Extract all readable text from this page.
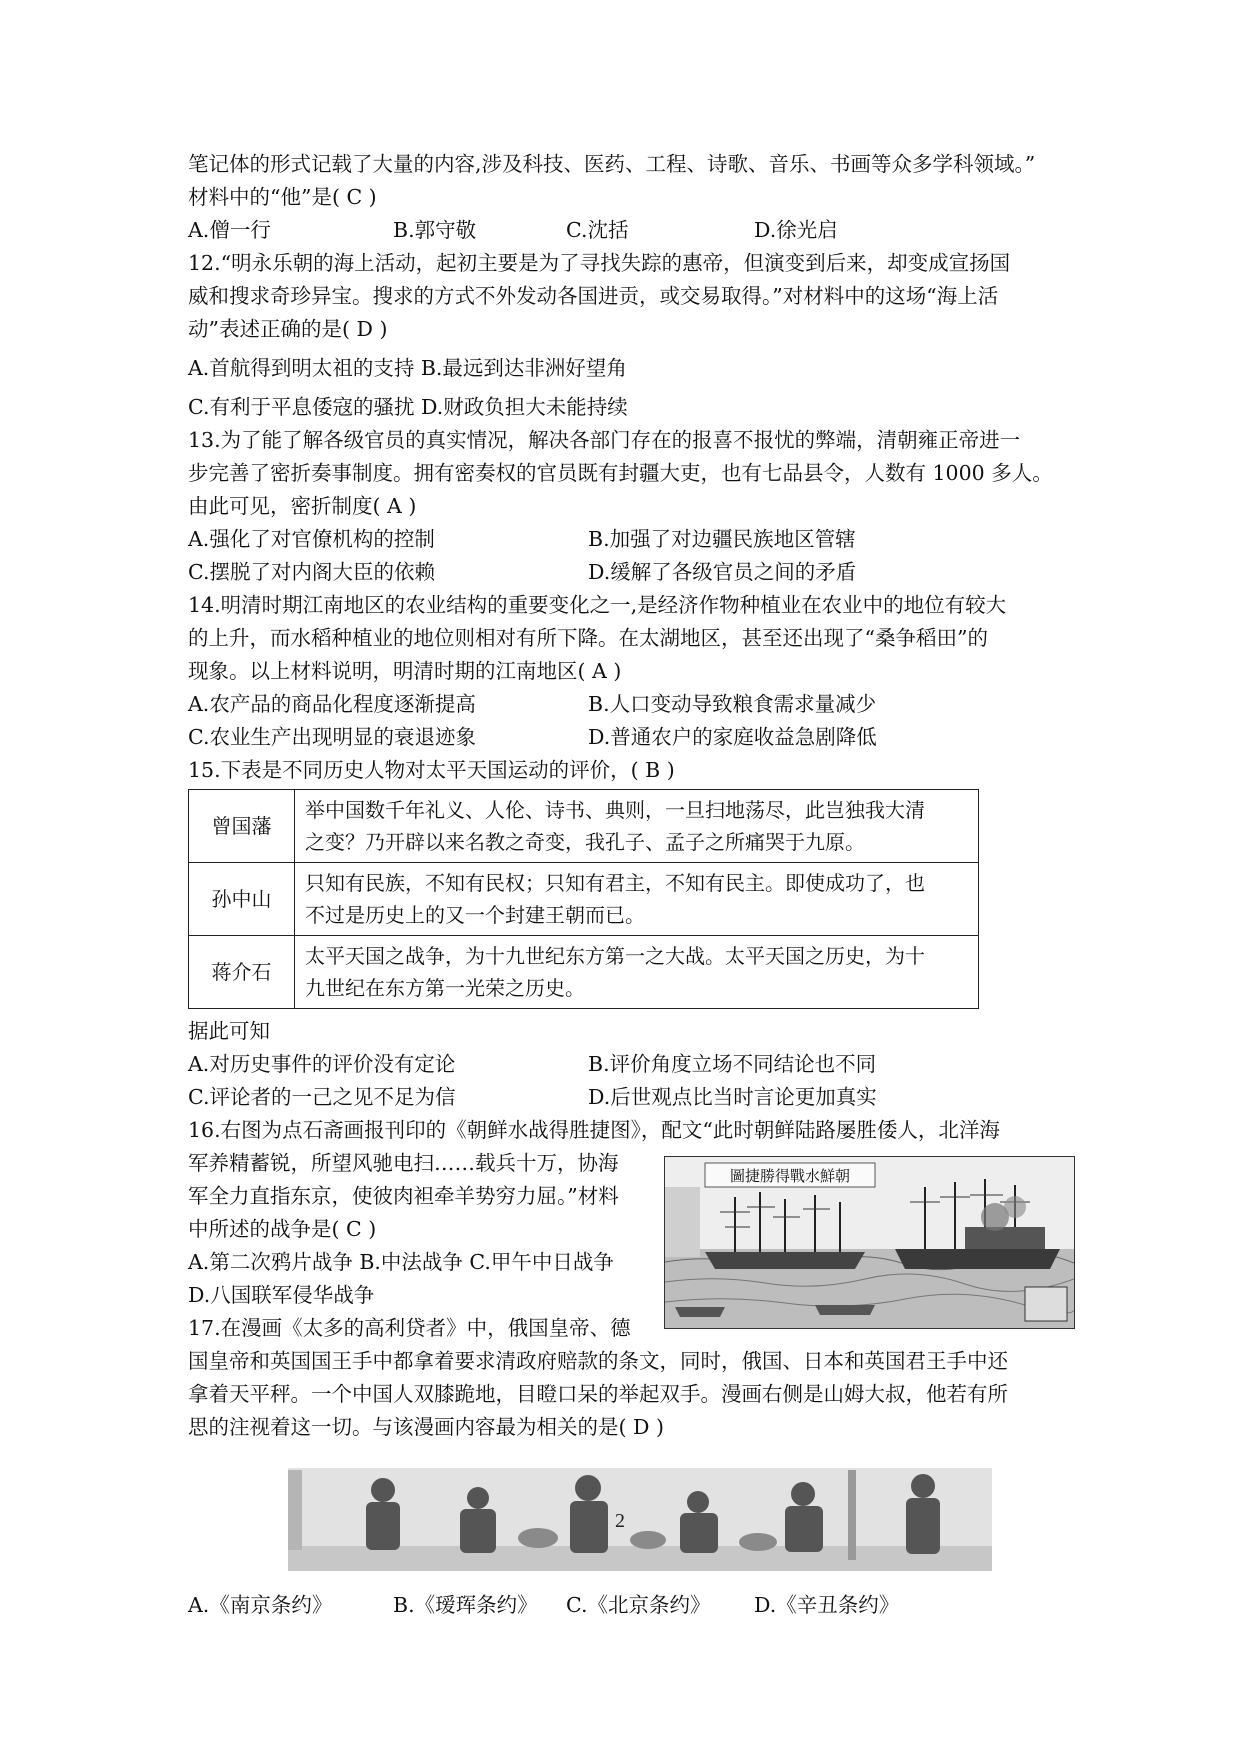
笔记体的形式记载了大量的内容,涉及科技、医药、工程、诗歌、音乐、书画等众多学科领域。”
材料中的“他”是( C )
A.僧一行	B.郭守敬	C.沈括	D.徐光启
12.“明永乐朝的海上活动，起初主要是为了寻找失踪的惠帝，但演变到后来，却变成宣扬国
威和搜求奇珍异宝。搜求的方式不外发动各国进贡，或交易取得。”对材料中的这场“海上活
动”表述正确的是( D )
A.首航得到明太祖的支持 B.最远到达非洲好望角
C.有利于平息倭寇的骚扰 D.财政负担大未能持续
13.为了能了解各级官员的真实情况，解决各部门存在的报喜不报忧的弊端，清朝雍正帝进一
步完善了密折奏事制度。拥有密奏权的官员既有封疆大吏，也有七品县令，人数有 1000 多人。
由此可见，密折制度( A )
A.强化了对官僚机构的控制	B.加强了对边疆民族地区管辖
C.摆脱了对内阁大臣的依赖	D.缓解了各级官员之间的矛盾
14.明清时期江南地区的农业结构的重要变化之一,是经济作物种植业在农业中的地位有较大
的上升，而水稻种植业的地位则相对有所下降。在太湖地区，甚至还出现了“桑争稻田”的
现象。以上材料说明，明清时期的江南地区( A )
A.农产品的商品化程度逐渐提高	B.人口变动导致粮食需求量减少
C.农业生产出现明显的衰退迹象	D.普通农户的家庭收益急剧降低
15.下表是不同历史人物对太平天国运动的评价，( B )
曾国藩	举中国数千年礼义、人伦、诗书、典则，一旦扫地荡尽，此岂独我大清
之变？乃开辟以来名教之奇变，我孔子、孟子之所痛哭于九原。

孙中山	只知有民族，不知有民权；只知有君主，不知有民主。即使成功了，也
不过是历史上的又一个封建王朝而已。

蒋介石	太平天国之战争，为十九世纪东方第一之大战。太平天国之历史，为十
九世纪在东方第一光荣之历史。
据此可知
A.对历史事件的评价没有定论	B.评价角度立场不同结论也不同
C.评论者的一己之见不足为信	D.后世观点比当时言论更加真实
16.右图为点石斋画报刊印的《朝鲜水战得胜捷图》，配文“此时朝鲜陆路屡胜倭人，北洋海
军养精蓄锐，所望风驰电扫……载兵十万，协海
军全力直指东京，使彼肉袒牵羊势穷力屈。”材料
中所述的战争是( C )
A.第二次鸦片战争 B.中法战争 C.甲午中日战争
D.八国联军侵华战争
17.在漫画《太多的高利贷者》中，俄国皇帝、德
圖捷勝得戰水鮮朝
国皇帝和英国国王手中都拿着要求清政府赔款的条文，同时，俄国、日本和英国君王手中还
拿着天平秤。一个中国人双膝跪地，目瞪口呆的举起双手。漫画右侧是山姆大叔，他若有所
思的注视着这一切。与该漫画内容最为相关的是( D )
A.《南京条约》	B.《瑷珲条约》	C.《北京条约》	D.《辛丑条约》
2
